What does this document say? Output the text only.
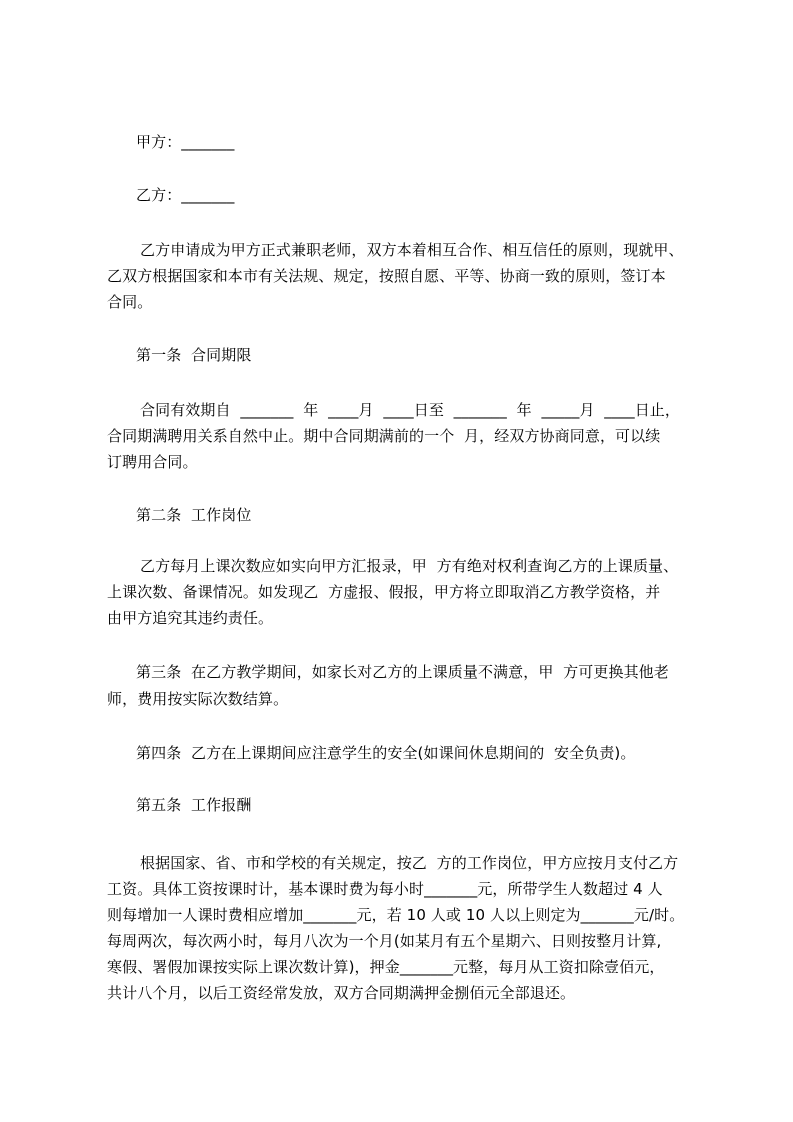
甲方：_______
乙方：_______
乙方申请成为甲方正式兼职老师，双方本着相互合作、相互信任的原则，现就甲、
乙双方根据国家和本市有关法规、规定，按照自愿、平等、协商一致的原则，签订本
合同。
第一条  合同期限
合同有效期自  _______  年  ____月  ____日至  _______  年  _____月  ____日止，
合同期满聘用关系自然中止。期中合同期满前的一个  月，经双方协商同意，可以续
订聘用合同。
第二条  工作岗位
乙方每月上课次数应如实向甲方汇报录，甲  方有绝对权利查询乙方的上课质量、
上课次数、备课情况。如发现乙  方虚报、假报，甲方将立即取消乙方教学资格，并
由甲方追究其违约责任。
第三条  在乙方教学期间，如家长对乙方的上课质量不满意，甲  方可更换其他老
师，费用按实际次数结算。
第四条  乙方在上课期间应注意学生的安全(如课间休息期间的  安全负责)。
第五条  工作报酬
根据国家、省、市和学校的有关规定，按乙  方的工作岗位，甲方应按月支付乙方
工资。具体工资按课时计，基本课时费为每小时_______元，所带学生人数超过 4 人
则每增加一人课时费相应增加_______元，若 10 人或 10 人以上则定为_______元/时。
每周两次，每次两小时，每月八次为一个月(如某月有五个星期六、日则按整月计算,
寒假、署假加课按实际上课次数计算)，押金_______元整，每月从工资扣除壹佰元，
共计八个月，以后工资经常发放，双方合同期满押金捌佰元全部退还。
